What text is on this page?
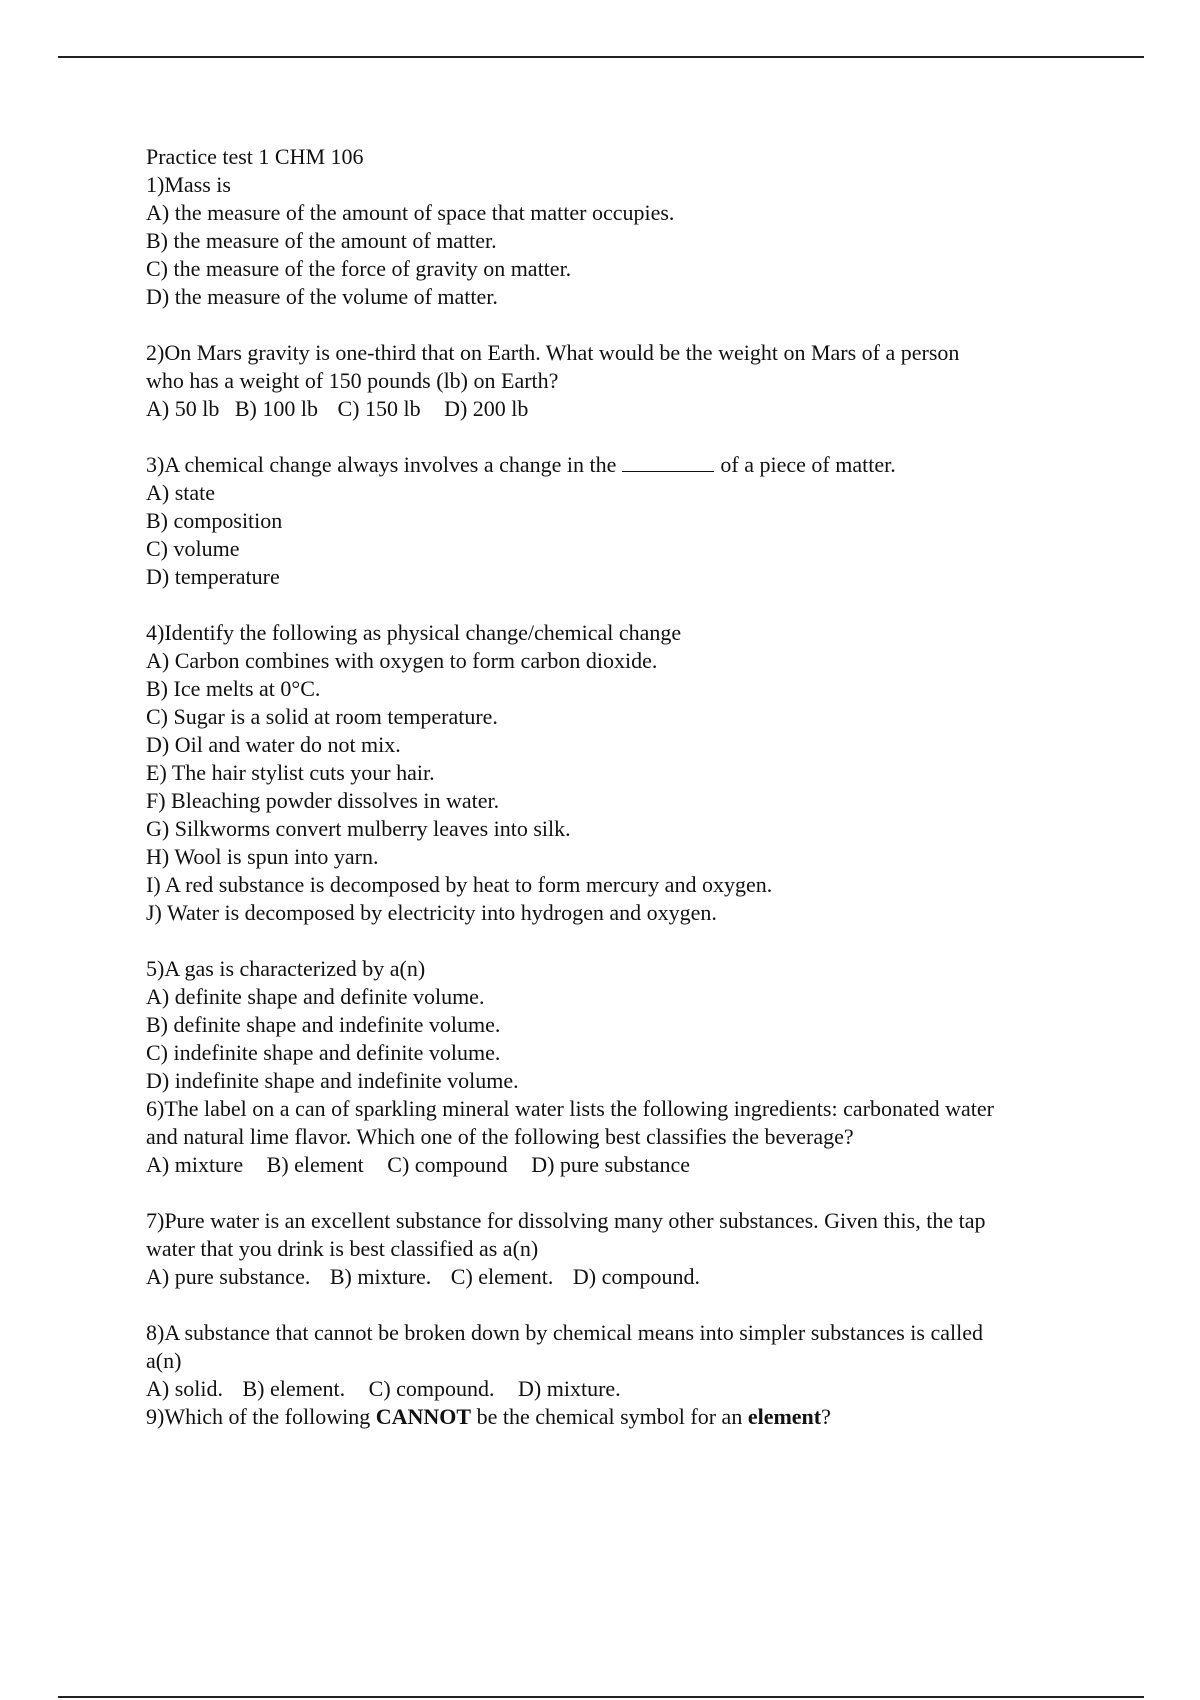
Practice test 1 CHM 106
1)Mass is
A) the measure of the amount of space that matter occupies.
B) the measure of the amount of matter.
C) the measure of the force of gravity on matter.
D) the measure of the volume of matter.
2)On Mars gravity is one-third that on Earth. What would be the weight on Mars of a person
who has a weight of 150 pounds (lb) on Earth?
A) 50 lb B) 100 lb C) 150 lb D) 200 lb
3)A chemical change always involves a change in the	of a piece of matter.
A) state
B) composition
C) volume
D) temperature
4)Identify the following as physical change/chemical change
A) Carbon combines with oxygen to form carbon dioxide.
B) Ice melts at 0°C.
C) Sugar is a solid at room temperature.
D) Oil and water do not mix.
E) The hair stylist cuts your hair.
F) Bleaching powder dissolves in water.
G) Silkworms convert mulberry leaves into silk.
H) Wool is spun into yarn.
I) A red substance is decomposed by heat to form mercury and oxygen.
J) Water is decomposed by electricity into hydrogen and oxygen.
5)A gas is characterized by a(n)
A) definite shape and definite volume.
B) definite shape and indefinite volume.
C) indefinite shape and definite volume.
D) indefinite shape and indefinite volume.
6)The label on a can of sparkling mineral water lists the following ingredients: carbonated water
and natural lime flavor. Which one of the following best classifies the beverage?
A) mixture B) element C) compound D) pure substance
7)Pure water is an excellent substance for dissolving many other substances. Given this, the tap
water that you drink is best classified as a(n)
A) pure substance. B) mixture. C) element. D) compound.
8)A substance that cannot be broken down by chemical means into simpler substances is called
a(n)
A) solid. B) element. C) compound. D) mixture.
9)Which of the following CANNOT be the chemical symbol for an element?
